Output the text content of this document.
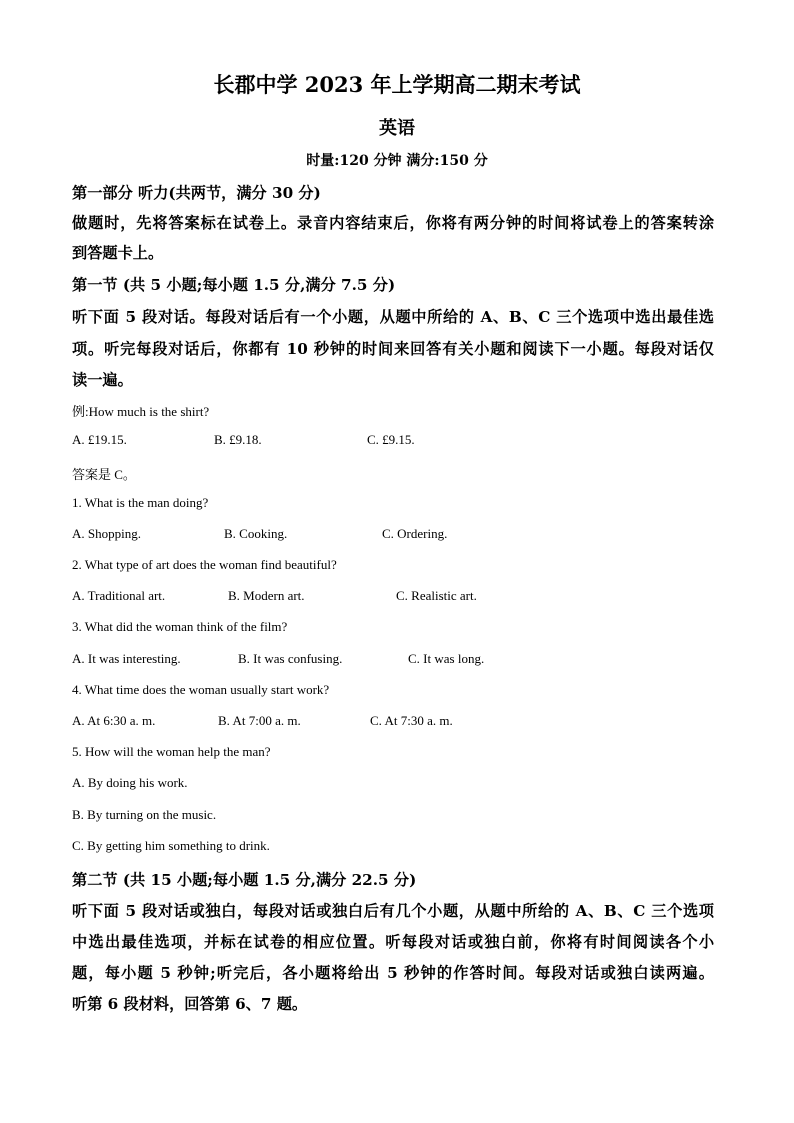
长郡中学 2023 年上学期高二期末考试
英语
时量:120 分钟 满分:150 分
第一部分 听力(共两节，满分 30 分)
做题时，先将答案标在试卷上。录音内容结束后，你将有两分钟的时间将试卷上的答案转涂
到答题卡上。
第一节 (共 5 小题;每小题 1.5 分,满分 7.5 分)
听下面 5 段对话。每段对话后有一个小题，从题中所给的 A、B、C 三个选项中选出最佳选
项。听完每段对话后，你都有 10 秒钟的时间来回答有关小题和阅读下一小题。每段对话仅
读一遍。
例:How much is the shirt?
A. £19.15.	B. £9.18.	C. £9.15.
答案是 C。
1. What is the man doing?
A. Shopping.	B. Cooking.	C. Ordering.
2. What type of art does the woman find beautiful?
A. Traditional art.	B. Modern art.	C. Realistic art.
3. What did the woman think of the film?
A. It was interesting.	B. It was confusing.	C. It was long.
4. What time does the woman usually start work?
A. At 6:30 a. m.	B. At 7:00 a. m.	C. At 7:30 a. m.
5. How will the woman help the man?
A. By doing his work.
B. By turning on the music.
C. By getting him something to drink.
第二节 (共 15 小题;每小题 1.5 分,满分 22.5 分)
听下面 5 段对话或独白，每段对话或独白后有几个小题，从题中所给的 A、B、C 三个选项
中选出最佳选项，并标在试卷的相应位置。听每段对话或独白前，你将有时间阅读各个小
题，每小题 5 秒钟;听完后，各小题将给出 5 秒钟的作答时间。每段对话或独白读两遍。
听第 6 段材料，回答第 6、7 题。
